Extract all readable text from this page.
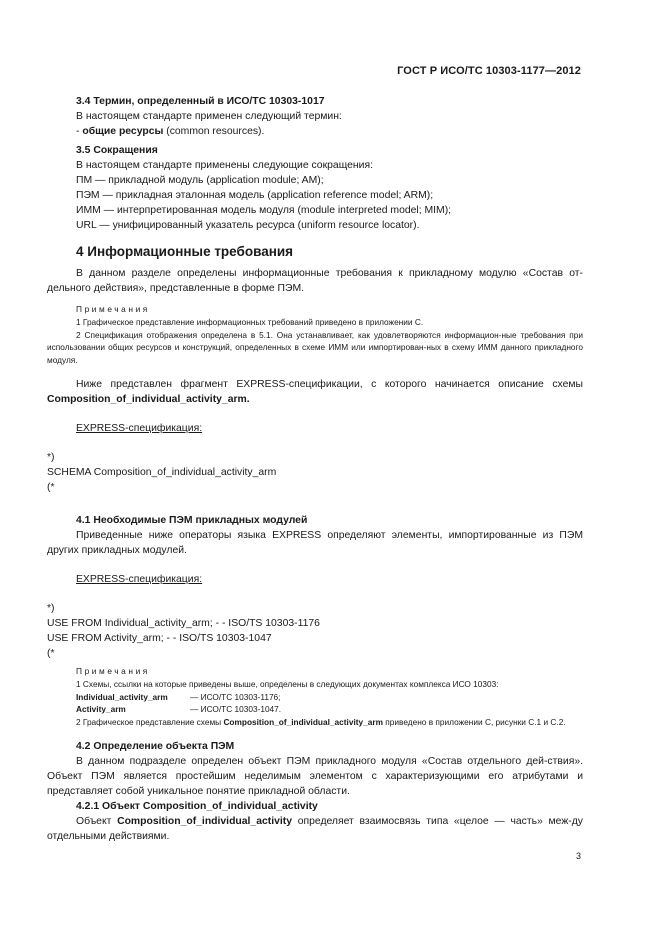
ГОСТ Р ИСО/ТС 10303-1177—2012

3.4 Термин, определенный в ИСО/ТС 10303-1017

В настоящем стандарте применен следующий термин:

- общие ресурсы (common resources).

3.5 Сокращения

В настоящем стандарте применены следующие сокращения:

ПМ — прикладной модуль (application module; AM);

ПЭМ — прикладная эталонная модель (application reference model; ARM);

ИММ — интерпретированная модель модуля (module interpreted model; MIM);

URL — унифицированный указатель ресурса (uniform resource locator).

4 Информационные требования

В данном разделе определены информационные требования к прикладному модулю «Состав от-дельного действия», представленные в форме ПЭМ.

Примечания
1 Графическое представление информационных требований приведено в приложении С.
2 Спецификация отображения определена в 5.1. Она устанавливает, как удовлетворяются информацион-ные требования при использовании общих ресурсов и конструкций, определенных в схеме ИММ или импортирован-ных в схему ИММ данного прикладного модуля.

Ниже представлен фрагмент EXPRESS-спецификации, с которого начинается описание схемы Composition_of_individual_activity_arm.

EXPRESS-спецификация:

*)
SCHEMA Composition_of_individual_activity_arm
(*

4.1 Необходимые ПЭМ прикладных модулей

Приведенные ниже операторы языка EXPRESS определяют элементы, импортированные из ПЭМ других прикладных модулей.

EXPRESS-спецификация:

*)
USE FROM Individual_activity_arm; - - ISO/TS 10303-1176
USE FROM Activity_arm; - - ISO/TS 10303-1047
(*
Примечания
1 Схемы, ссылки на которые приведены выше, определены в следующих документах комплекса ИСО 10303:
Individual_activity_arm	— ИСО/ТС 10303-1176;
Activity_arm	— ИСО/ТС 10303-1047.
2 Графическое представление схемы Composition_of_individual_activity_arm приведено в приложении С, рисунки С.1 и С.2.

4.2 Определение объекта ПЭМ

В данном подразделе определен объект ПЭМ прикладного модуля «Состав отдельного дей-ствия». Объект ПЭМ является простейшим неделимым элементом с характеризующими его атрибутами и представляет собой уникальное понятие прикладной области.

4.2.1 Объект Composition_of_individual_activity

Объект Composition_of_individual_activity определяет взаимосвязь типа «целое — часть» меж-ду отдельными действиями.

3
